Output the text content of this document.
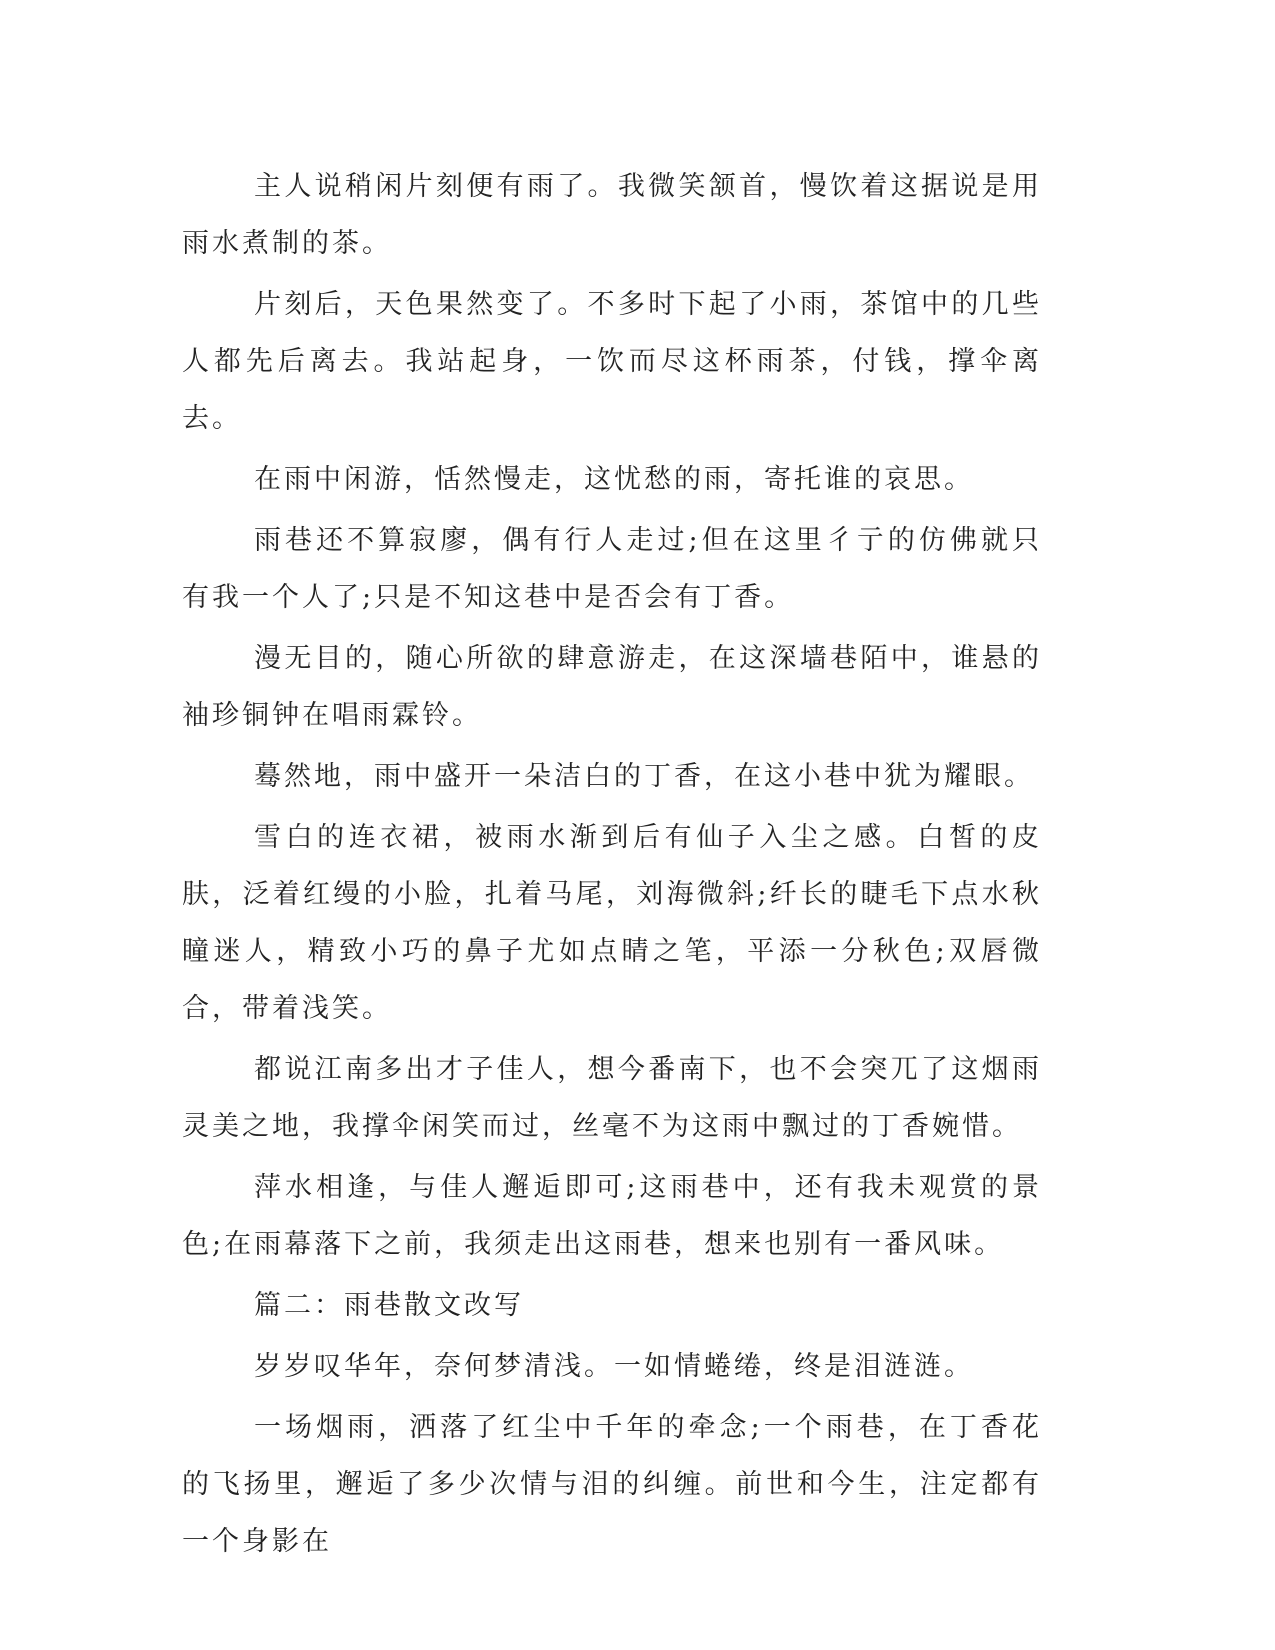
主人说稍闲片刻便有雨了。我微笑颔首，慢饮着这据说是用雨水煮制的茶。

片刻后，天色果然变了。不多时下起了小雨，茶馆中的几些人都先后离去。我站起身，一饮而尽这杯雨茶，付钱，撑伞离去。

在雨中闲游，恬然慢走，这忧愁的雨，寄托谁的哀思。

雨巷还不算寂廖，偶有行人走过;但在这里彳亍的仿佛就只有我一个人了;只是不知这巷中是否会有丁香。

漫无目的，随心所欲的肆意游走，在这深墙巷陌中，谁悬的袖珍铜钟在唱雨霖铃。

蓦然地，雨中盛开一朵洁白的丁香，在这小巷中犹为耀眼。

雪白的连衣裙，被雨水渐到后有仙子入尘之感。白皙的皮肤，泛着红缦的小脸，扎着马尾，刘海微斜;纤长的睫毛下点水秋瞳迷人，精致小巧的鼻子尤如点睛之笔，平添一分秋色;双唇微合，带着浅笑。

都说江南多出才子佳人，想今番南下，也不会突兀了这烟雨灵美之地，我撑伞闲笑而过，丝毫不为这雨中飘过的丁香婉惜。

萍水相逢，与佳人邂逅即可;这雨巷中，还有我未观赏的景色;在雨幕落下之前，我须走出这雨巷，想来也别有一番风味。

篇二：雨巷散文改写

岁岁叹华年，奈何梦清浅。一如情蜷绻，终是泪涟涟。

一场烟雨，洒落了红尘中千年的牵念;一个雨巷，在丁香花的飞扬里，邂逅了多少次情与泪的纠缠。前世和今生，注定都有一个身影在
